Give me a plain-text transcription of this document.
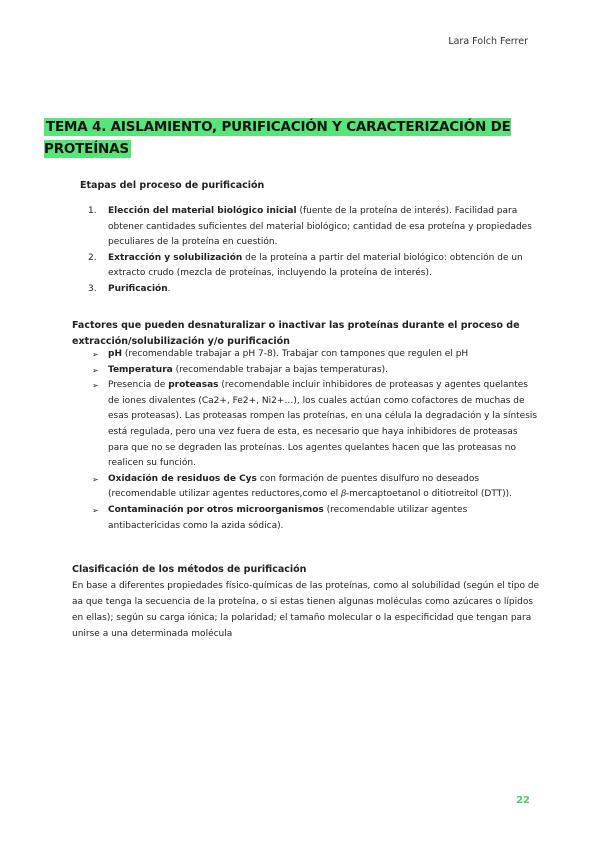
Lara Folch Ferrer
TEMA 4. AISLAMIENTO, PURIFICACIÓN Y CARACTERIZACIÓN DE PROTEÍNAS
Etapas del proceso de purificación
1. Elección del material biológico inicial (fuente de la proteína de interés). Facilidad para obtener cantidades suficientes del material biológico; cantidad de esa proteína y propiedades peculiares de la proteína en cuestión.
2. Extracción y solubilización de la proteína a partir del material biológico: obtención de un extracto crudo (mezcla de proteínas, incluyendo la proteína de interés).
3. Purificación.
Factores que pueden desnaturalizar o inactivar las proteínas durante el proceso de extracción/solubilización y/o purificación
➢ pH (recomendable trabajar a pH 7-8). Trabajar con tampones que regulen el pH
➢ Temperatura (recomendable trabajar a bajas temperaturas).
➢ Presencia de proteasas (recomendable incluir inhibidores de proteasas y agentes quelantes de iones divalentes (Ca2+, Fe2+, Ni2+…), los cuales actúan como cofactores de muchas de esas proteasas). Las proteasas rompen las proteínas, en una célula la degradación y la síntesis está regulada, pero una vez fuera de esta, es necesario que haya inhibidores de proteasas para que no se degraden las proteínas. Los agentes quelantes hacen que las proteasas no realicen su función.
➢ Oxidación de residuos de Cys con formación de puentes disulfuro no deseados (recomendable utilizar agentes reductores,como el 𝛽-mercaptoetanol o ditiotreitol (DTT)).
➢ Contaminación por otros microorganismos (recomendable utilizar agentes antibactericidas como la azida sódica).
Clasificación de los métodos de purificación
En base a diferentes propiedades físico-químicas de las proteínas, como al solubilidad (según el tipo de aa que tenga la secuencia de la proteína, o si estas tienen algunas moléculas como azúcares o lípidos en ellas); según su carga iónica; la polaridad; el tamaño molecular o la especificidad que tengan para unirse a una determinada molécula
22
